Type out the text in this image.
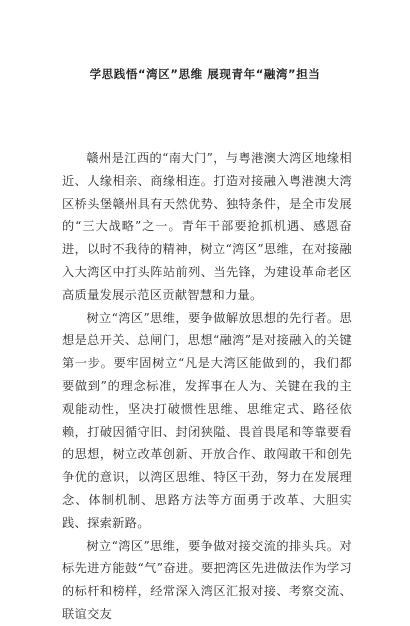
学思践悟“湾区”思维 展现青年“融湾”担当

赣州是江西的“南大门”，与粤港澳大湾区地缘相近、人缘相亲、商缘相连。打造对接融入粤港澳大湾区桥头堡赣州具有天然优势、独特条件，是全市发展的“三大战略”之一。青年干部要抢抓机遇、感恩奋进，以时不我待的精神，树立“湾区”思维，在对接融入大湾区中打头阵站前列、当先锋，为建设革命老区高质量发展示范区贡献智慧和力量。

树立“湾区”思维，要争做解放思想的先行者。思想是总开关、总闸门，思想“融湾”是对接融入的关键第一步。要牢固树立“凡是大湾区能做到的，我们都要做到”的理念标准，发挥事在人为、关键在我的主观能动性，坚决打破惯性思维、思维定式、路径依赖，打破因循守旧、封闭狭隘、畏首畏尾和等靠要看的思想，树立改革创新、开放合作、敢闯敢干和创先争优的意识，以湾区思维、特区干劲，努力在发展理念、体制机制、思路方法等方面勇于改革、大胆实践、探索新路。

树立“湾区”思维，要争做对接交流的排头兵。对标先进方能鼓“气”奋进。要把湾区先进做法作为学习的标杆和榜样，经常深入湾区汇报对接、考察交流、联谊交友
